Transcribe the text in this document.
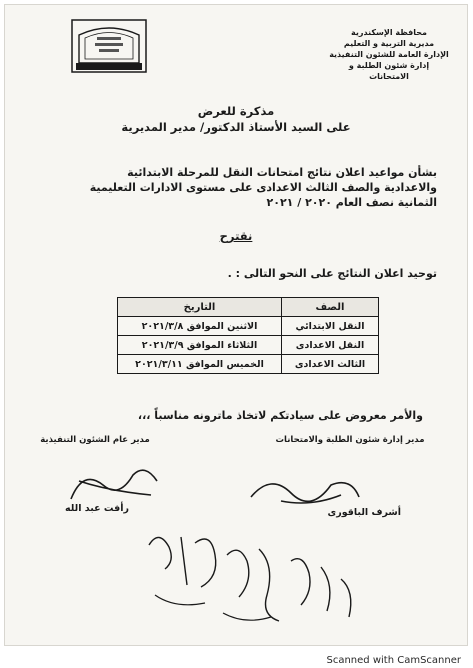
محافظة الإسكندرية
مديرية التربية و التعليم
الإدارة العامة للشئون التنفيذية
إدارة شئون الطلبة و الامتحانات
مذكرة للعرض
على السيد الأستاذ الدكتور/ مدير المديرية
بشأن مواعيد اعلان نتائج امتحانات النقل للمرحلة الابتدائية
والاعدادية والصف الثالث الاعدادى على مستوى الادارات التعليمية
الثمانية نصف العام ٢٠٢٠ / ٢٠٢١
نقترح
توحيد اعلان النتائج على النحو التالى : .
الصف	التاريخ
النقل الابتدائي	الاثنين الموافق ٢٠٢١/٣/٨
النقل الاعدادى	الثلاثاء الموافق ٢٠٢١/٣/٩
الثالث الاعدادى	الخميس الموافق ٢٠٢١/٣/١١
والأمر معروض على سيادتكم لاتخاذ ماترونه مناسباً ،،،
مدير إدارة شئون الطلبة والامتحانات
مدير عام الشئون التنفيذية
أشرف الباقورى
رأفت عبد الله
Scanned with CamScanner
